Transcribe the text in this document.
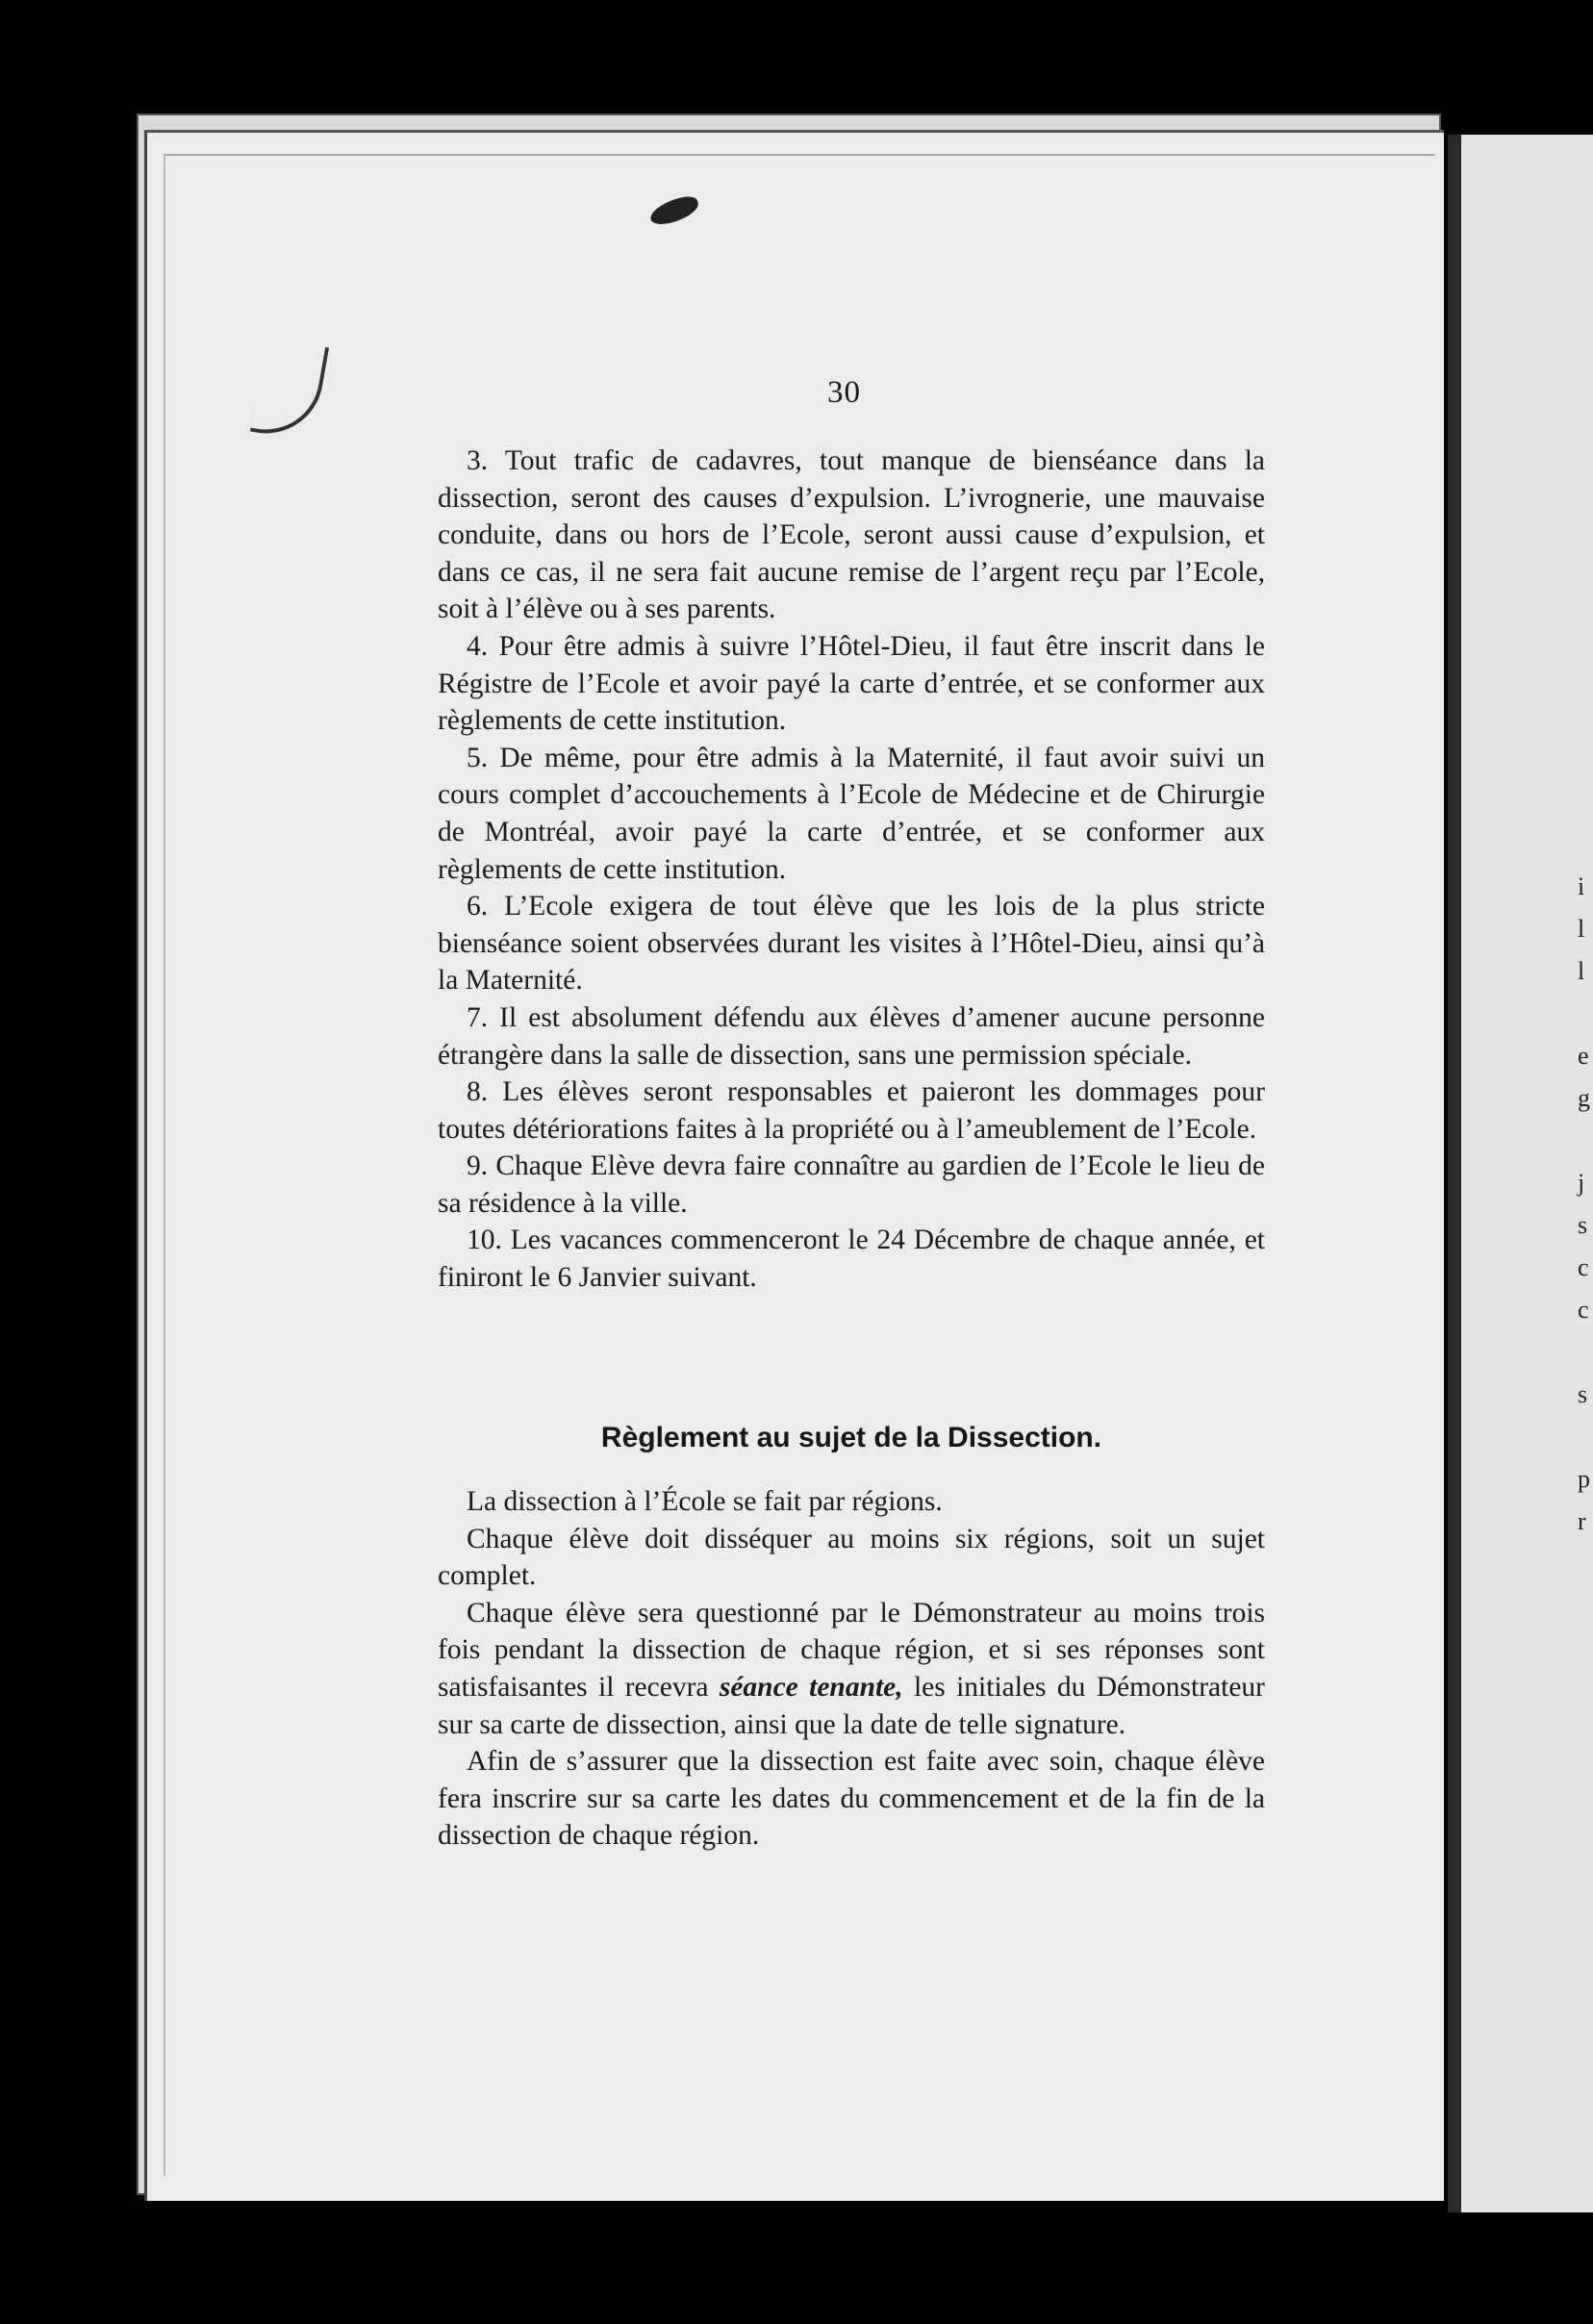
i
l
l

e
g

j
s
c
c

s

p
r
30

3. Tout trafic de cadavres, tout manque de bienséance dans la dissection, seront des causes d’expulsion. L’ivrognerie, une mauvaise conduite, dans ou hors de l’Ecole, seront aussi cause d’expulsion, et dans ce cas, il ne sera fait aucune remise de l’argent reçu par l’Ecole, soit à l’élève ou à ses parents.

4. Pour être admis à suivre l’Hôtel-Dieu, il faut être inscrit dans le Régistre de l’Ecole et avoir payé la carte d’entrée, et se conformer aux règlements de cette institution.

5. De même, pour être admis à la Maternité, il faut avoir suivi un cours complet d’accouchements à l’Ecole de Médecine et de Chirurgie de Montréal, avoir payé la carte d’entrée, et se conformer aux règlements de cette institution.

6. L’Ecole exigera de tout élève que les lois de la plus stricte bienséance soient observées durant les visites à l’Hôtel-Dieu, ainsi qu’à la Maternité.

7. Il est absolument défendu aux élèves d’amener aucune personne étrangère dans la salle de dissection, sans une permission spéciale.

8. Les élèves seront responsables et paieront les dommages pour toutes détériorations faites à la propriété ou à l’ameublement de l’Ecole.

9. Chaque Elève devra faire connaître au gardien de l’Ecole le lieu de sa résidence à la ville.

10. Les vacances commenceront le 24 Décembre de chaque année, et finiront le 6 Janvier suivant.

Règlement au sujet de la Dissection.

La dissection à l’École se fait par régions.

Chaque élève doit disséquer au moins six régions, soit un sujet complet.

Chaque élève sera questionné par le Démonstrateur au moins trois fois pendant la dissection de chaque région, et si ses réponses sont satisfaisantes il recevra séance tenante, les initiales du Démonstrateur sur sa carte de dissection, ainsi que la date de telle signature.

Afin de s’assurer que la dissection est faite avec soin, chaque élève fera inscrire sur sa carte les dates du commencement et de la fin de la dissection de chaque région.
